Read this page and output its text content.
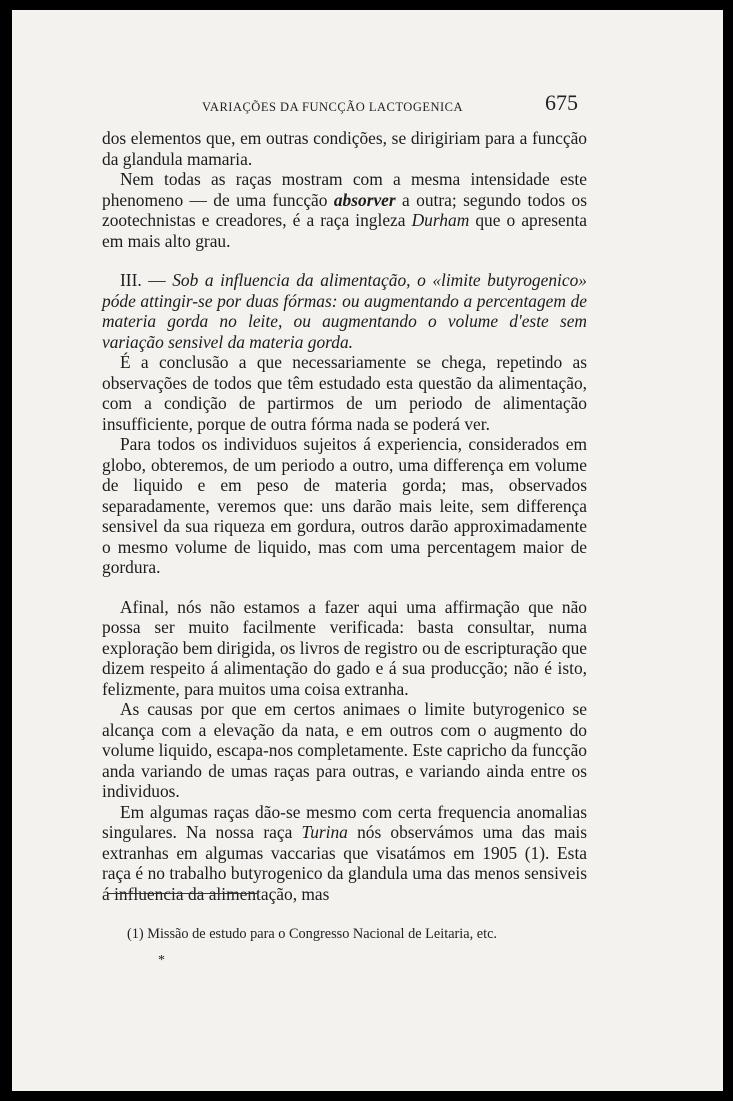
VARIAÇÕES DA FUNCÇÃO LACTOGENICA	675

dos elementos que, em outras condições, se dirigiriam para a funcção da glandula mamaria.

Nem todas as raças mostram com a mesma intensidade este phenomeno — de uma funcção absorver a outra; segundo todos os zootechnistas e creadores, é a raça ingleza Durham que o apresenta em mais alto grau.

III. — Sob a influencia da alimentação, o «limite butyrogenico» póde attingir-se por duas fórmas: ou augmentando a percentagem de materia gorda no leite, ou augmentando o volume d'este sem variação sensivel da materia gorda.

É a conclusão a que necessariamente se chega, repetindo as observações de todos que têm estudado esta questão da alimentação, com a condição de partirmos de um periodo de alimentação insufficiente, porque de outra fórma nada se poderá ver.

Para todos os individuos sujeitos á experiencia, considerados em globo, obteremos, de um periodo a outro, uma differença em volume de liquido e em peso de materia gorda; mas, observados separadamente, veremos que: uns darão mais leite, sem differença sensivel da sua riqueza em gordura, outros darão approximadamente o mesmo volume de liquido, mas com uma percentagem maior de gordura.

Afinal, nós não estamos a fazer aqui uma affirmação que não possa ser muito facilmente verificada: basta consultar, numa exploração bem dirigida, os livros de registro ou de escripturação que dizem respeito á alimentação do gado e á sua producção; não é isto, felizmente, para muitos uma coisa extranha.

As causas por que em certos animaes o limite butyrogenico se alcança com a elevação da nata, e em outros com o augmento do volume liquido, escapa-nos completamente. Este capricho da funcção anda variando de umas raças para outras, e variando ainda entre os individuos.

Em algumas raças dão-se mesmo com certa frequencia anomalias singulares. Na nossa raça Turina nós observámos uma das mais extranhas em algumas vaccarias que visatámos em 1905 (1). Esta raça é no trabalho butyrogenico da glandula uma das menos sensiveis á influencia da alimentação, mas

(1) Missão de estudo para o Congresso Nacional de Leitaria, etc.
*
